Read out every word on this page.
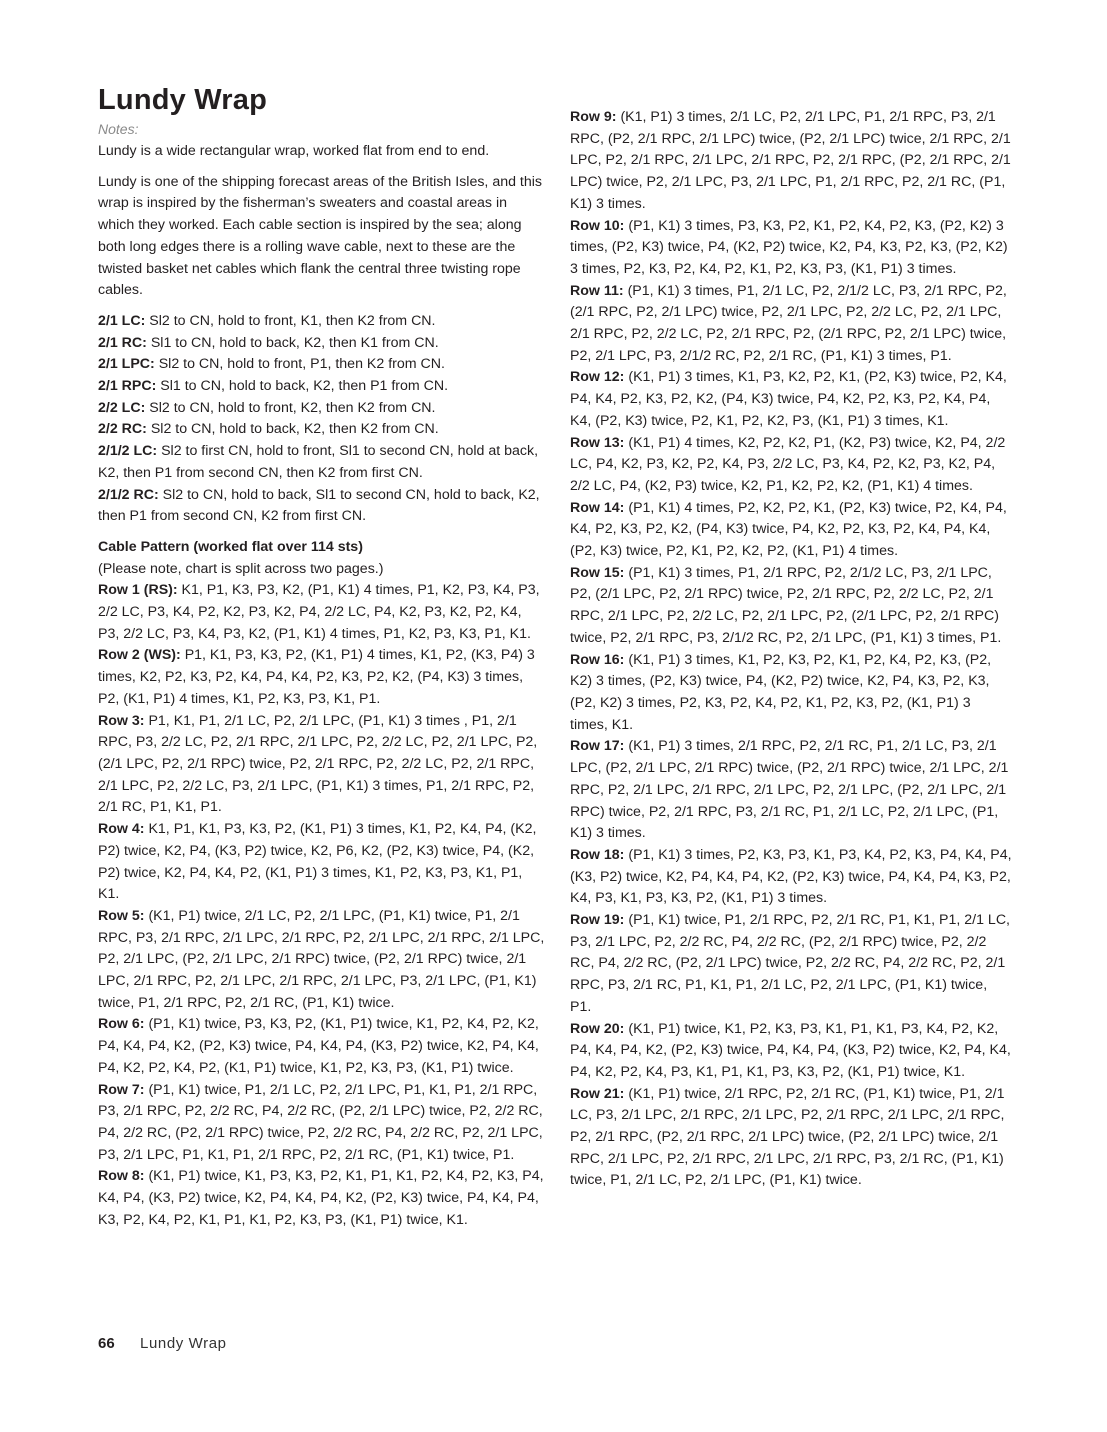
Lundy Wrap
Notes:

Lundy is a wide rectangular wrap, worked flat from end to end.

Lundy is one of the shipping forecast areas of the British Isles, and this wrap is inspired by the fisherman’s sweaters and coastal areas in which they worked. Each cable section is inspired by the sea; along both long edges there is a rolling wave cable, next to these are the twisted basket net cables which flank the central three twisting rope cables.

2/1 LC: Sl2 to CN, hold to front, K1, then K2 from CN.

2/1 RC: Sl1 to CN, hold to back, K2, then K1 from CN.

2/1 LPC: Sl2 to CN, hold to front, P1, then K2 from CN.

2/1 RPC: Sl1 to CN, hold to back, K2, then P1 from CN.

2/2 LC: Sl2 to CN, hold to front, K2, then K2 from CN.

2/2 RC: Sl2 to CN, hold to back, K2, then K2 from CN.

2/1/2 LC: Sl2 to first CN, hold to front, Sl1 to second CN, hold at back, K2, then P1 from second CN, then K2 from first CN.

2/1/2 RC: Sl2 to CN, hold to back, Sl1 to second CN, hold to back, K2, then P1 from second CN, K2 from first CN.

Cable Pattern (worked flat over 114 sts)

(Please note, chart is split across two pages.)

Row 1 (RS): K1, P1, K3, P3, K2, (P1, K1) 4 times, P1, K2, P3, K4, P3, 2/2 LC, P3, K4, P2, K2, P3, K2, P4, 2/2 LC, P4, K2, P3, K2, P2, K4, P3, 2/2 LC, P3, K4, P3, K2, (P1, K1) 4 times, P1, K2, P3, K3, P1, K1.

Row 2 (WS): P1, K1, P3, K3, P2, (K1, P1) 4 times, K1, P2, (K3, P4) 3 times, K2, P2, K3, P2, K4, P4, K4, P2, K3, P2, K2, (P4, K3) 3 times, P2, (K1, P1) 4 times, K1, P2, K3, P3, K1, P1.

Row 3: P1, K1, P1, 2/1 LC, P2, 2/1 LPC, (P1, K1) 3 times , P1, 2/1 RPC, P3, 2/2 LC, P2, 2/1 RPC, 2/1 LPC, P2, 2/2 LC, P2, 2/1 LPC, P2, (2/1 LPC, P2, 2/1 RPC) twice, P2, 2/1 RPC, P2, 2/2 LC, P2, 2/1 RPC, 2/1 LPC, P2, 2/2 LC, P3, 2/1 LPC, (P1, K1) 3 times, P1, 2/1 RPC, P2, 2/1 RC, P1, K1, P1.

Row 4: K1, P1, K1, P3, K3, P2, (K1, P1) 3 times, K1, P2, K4, P4, (K2, P2) twice, K2, P4, (K3, P2) twice, K2, P6, K2, (P2, K3) twice, P4, (K2, P2) twice, K2, P4, K4, P2, (K1, P1) 3 times, K1, P2, K3, P3, K1, P1, K1.

Row 5: (K1, P1) twice, 2/1 LC, P2, 2/1 LPC, (P1, K1) twice, P1, 2/1 RPC, P3, 2/1 RPC, 2/1 LPC, 2/1 RPC, P2, 2/1 LPC, 2/1 RPC, 2/1 LPC, P2, 2/1 LPC, (P2, 2/1 LPC, 2/1 RPC) twice, (P2, 2/1 RPC) twice, 2/1 LPC, 2/1 RPC, P2, 2/1 LPC, 2/1 RPC, 2/1 LPC, P3, 2/1 LPC, (P1, K1) twice, P1, 2/1 RPC, P2, 2/1 RC, (P1, K1) twice.

Row 6: (P1, K1) twice, P3, K3, P2, (K1, P1) twice, K1, P2, K4, P2, K2, P4, K4, P4, K2, (P2, K3) twice, P4, K4, P4, (K3, P2) twice, K2, P4, K4, P4, K2, P2, K4, P2, (K1, P1) twice, K1, P2, K3, P3, (K1, P1) twice.

Row 7: (P1, K1) twice, P1, 2/1 LC, P2, 2/1 LPC, P1, K1, P1, 2/1 RPC, P3, 2/1 RPC, P2, 2/2 RC, P4, 2/2 RC, (P2, 2/1 LPC) twice, P2, 2/2 RC, P4, 2/2 RC, (P2, 2/1 RPC) twice, P2, 2/2 RC, P4, 2/2 RC, P2, 2/1 LPC, P3, 2/1 LPC, P1, K1, P1, 2/1 RPC, P2, 2/1 RC, (P1, K1) twice, P1.

Row 8: (K1, P1) twice, K1, P3, K3, P2, K1, P1, K1, P2, K4, P2, K3, P4, K4, P4, (K3, P2) twice, K2, P4, K4, P4, K2, (P2, K3) twice, P4, K4, P4, K3, P2, K4, P2, K1, P1, K1, P2, K3, P3, (K1, P1) twice, K1.

Row 9: (K1, P1) 3 times, 2/1 LC, P2, 2/1 LPC, P1, 2/1 RPC, P3, 2/1 RPC, (P2, 2/1 RPC, 2/1 LPC) twice, (P2, 2/1 LPC) twice, 2/1 RPC, 2/1 LPC, P2, 2/1 RPC, 2/1 LPC, 2/1 RPC, P2, 2/1 RPC, (P2, 2/1 RPC, 2/1 LPC) twice, P2, 2/1 LPC, P3, 2/1 LPC, P1, 2/1 RPC, P2, 2/1 RC, (P1, K1) 3 times.

Row 10: (P1, K1) 3 times, P3, K3, P2, K1, P2, K4, P2, K3, (P2, K2) 3 times, (P2, K3) twice, P4, (K2, P2) twice, K2, P4, K3, P2, K3, (P2, K2) 3 times, P2, K3, P2, K4, P2, K1, P2, K3, P3, (K1, P1) 3 times.

Row 11: (P1, K1) 3 times, P1, 2/1 LC, P2, 2/1/2 LC, P3, 2/1 RPC, P2, (2/1 RPC, P2, 2/1 LPC) twice, P2, 2/1 LPC, P2, 2/2 LC, P2, 2/1 LPC, 2/1 RPC, P2, 2/2 LC, P2, 2/1 RPC, P2, (2/1 RPC, P2, 2/1 LPC) twice, P2, 2/1 LPC, P3, 2/1/2 RC, P2, 2/1 RC, (P1, K1) 3 times, P1.

Row 12: (K1, P1) 3 times, K1, P3, K2, P2, K1, (P2, K3) twice, P2, K4, P4, K4, P2, K3, P2, K2, (P4, K3) twice, P4, K2, P2, K3, P2, K4, P4, K4, (P2, K3) twice, P2, K1, P2, K2, P3, (K1, P1) 3 times, K1.

Row 13: (K1, P1) 4 times, K2, P2, K2, P1, (K2, P3) twice, K2, P4, 2/2 LC, P4, K2, P3, K2, P2, K4, P3, 2/2 LC, P3, K4, P2, K2, P3, K2, P4, 2/2 LC, P4, (K2, P3) twice, K2, P1, K2, P2, K2, (P1, K1) 4 times.

Row 14: (P1, K1) 4 times, P2, K2, P2, K1, (P2, K3) twice, P2, K4, P4, K4, P2, K3, P2, K2, (P4, K3) twice, P4, K2, P2, K3, P2, K4, P4, K4, (P2, K3) twice, P2, K1, P2, K2, P2, (K1, P1) 4 times.

Row 15: (P1, K1) 3 times, P1, 2/1 RPC, P2, 2/1/2 LC, P3, 2/1 LPC, P2, (2/1 LPC, P2, 2/1 RPC) twice, P2, 2/1 RPC, P2, 2/2 LC, P2, 2/1 RPC, 2/1 LPC, P2, 2/2 LC, P2, 2/1 LPC, P2, (2/1 LPC, P2, 2/1 RPC) twice, P2, 2/1 RPC, P3, 2/1/2 RC, P2, 2/1 LPC, (P1, K1) 3 times, P1.

Row 16: (K1, P1) 3 times, K1, P2, K3, P2, K1, P2, K4, P2, K3, (P2, K2) 3 times, (P2, K3) twice, P4, (K2, P2) twice, K2, P4, K3, P2, K3, (P2, K2) 3 times, P2, K3, P2, K4, P2, K1, P2, K3, P2, (K1, P1) 3 times, K1.

Row 17: (K1, P1) 3 times, 2/1 RPC, P2, 2/1 RC, P1, 2/1 LC, P3, 2/1 LPC, (P2, 2/1 LPC, 2/1 RPC) twice, (P2, 2/1 RPC) twice, 2/1 LPC, 2/1 RPC, P2, 2/1 LPC, 2/1 RPC, 2/1 LPC, P2, 2/1 LPC, (P2, 2/1 LPC, 2/1 RPC) twice, P2, 2/1 RPC, P3, 2/1 RC, P1, 2/1 LC, P2, 2/1 LPC, (P1, K1) 3 times.

Row 18: (P1, K1) 3 times, P2, K3, P3, K1, P3, K4, P2, K3, P4, K4, P4, (K3, P2) twice, K2, P4, K4, P4, K2, (P2, K3) twice, P4, K4, P4, K3, P2, K4, P3, K1, P3, K3, P2, (K1, P1) 3 times.

Row 19: (P1, K1) twice, P1, 2/1 RPC, P2, 2/1 RC, P1, K1, P1, 2/1 LC, P3, 2/1 LPC, P2, 2/2 RC, P4, 2/2 RC, (P2, 2/1 RPC) twice, P2, 2/2 RC, P4, 2/2 RC, (P2, 2/1 LPC) twice, P2, 2/2 RC, P4, 2/2 RC, P2, 2/1 RPC, P3, 2/1 RC, P1, K1, P1, 2/1 LC, P2, 2/1 LPC, (P1, K1) twice, P1.

Row 20: (K1, P1) twice, K1, P2, K3, P3, K1, P1, K1, P3, K4, P2, K2, P4, K4, P4, K2, (P2, K3) twice, P4, K4, P4, (K3, P2) twice, K2, P4, K4, P4, K2, P2, K4, P3, K1, P1, K1, P3, K3, P2, (K1, P1) twice, K1.

Row 21: (K1, P1) twice, 2/1 RPC, P2, 2/1 RC, (P1, K1) twice, P1, 2/1 LC, P3, 2/1 LPC, 2/1 RPC, 2/1 LPC, P2, 2/1 RPC, 2/1 LPC, 2/1 RPC, P2, 2/1 RPC, (P2, 2/1 RPC, 2/1 LPC) twice, (P2, 2/1 LPC) twice, 2/1 RPC, 2/1 LPC, P2, 2/1 RPC, 2/1 LPC, 2/1 RPC, P3, 2/1 RC, (P1, K1) twice, P1, 2/1 LC, P2, 2/1 LPC, (P1, K1) twice.

66 Lundy Wrap
